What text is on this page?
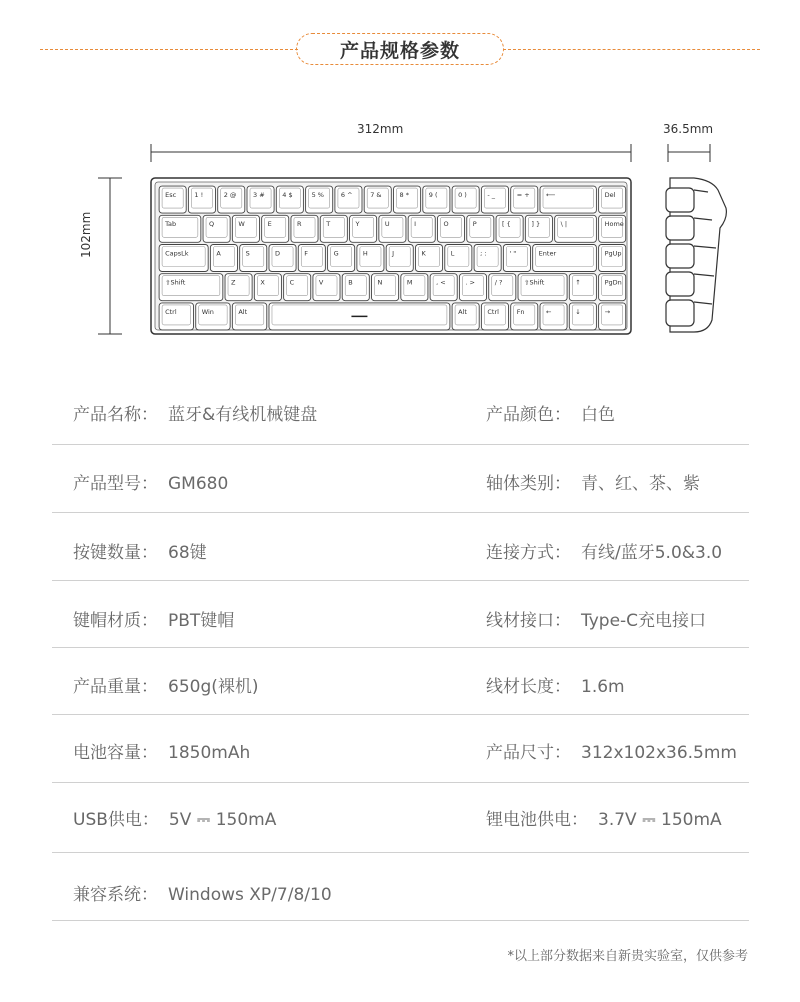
产品规格参数
312mm	36.5mm
102mm
Esc	1 !	2 @	3 #	4 $	5 %	6 ^	7 &	8 *	9 (	0 )	- _	= +	⟵	Del
Tab	Q	W	E	R	T	Y	U	I	O	P	[ {	] }	\ |	Home
CapsLk	A	S	D	F	G	H	J	K	L	; :	' "	Enter	PgUp
⇧Shift	Z	X	C	V	B	N	M	, <	. >	/ ?	⇧Shift	↑	PgDn
Ctrl	Win	Alt	Alt	Ctrl	Fn	←	↓	→
产品名称： 蓝牙&有线机械键盘	产品颜色： 白色
产品型号： GM680	轴体类别： 青、红、茶、紫
按键数量： 68键	连接方式： 有线/蓝牙5.0&3.0
键帽材质： PBT键帽	线材接口： Type-C充电接口
产品重量： 650g(裸机)	线材长度： 1.6m
电池容量： 1850mAh	产品尺寸： 312x102x36.5mm
USB供电： 5V ⎓ 150mA	锂电池供电： 3.7V ⎓ 150mA
兼容系统： Windows XP/7/8/10
*以上部分数据来自新贵实验室，仅供参考
